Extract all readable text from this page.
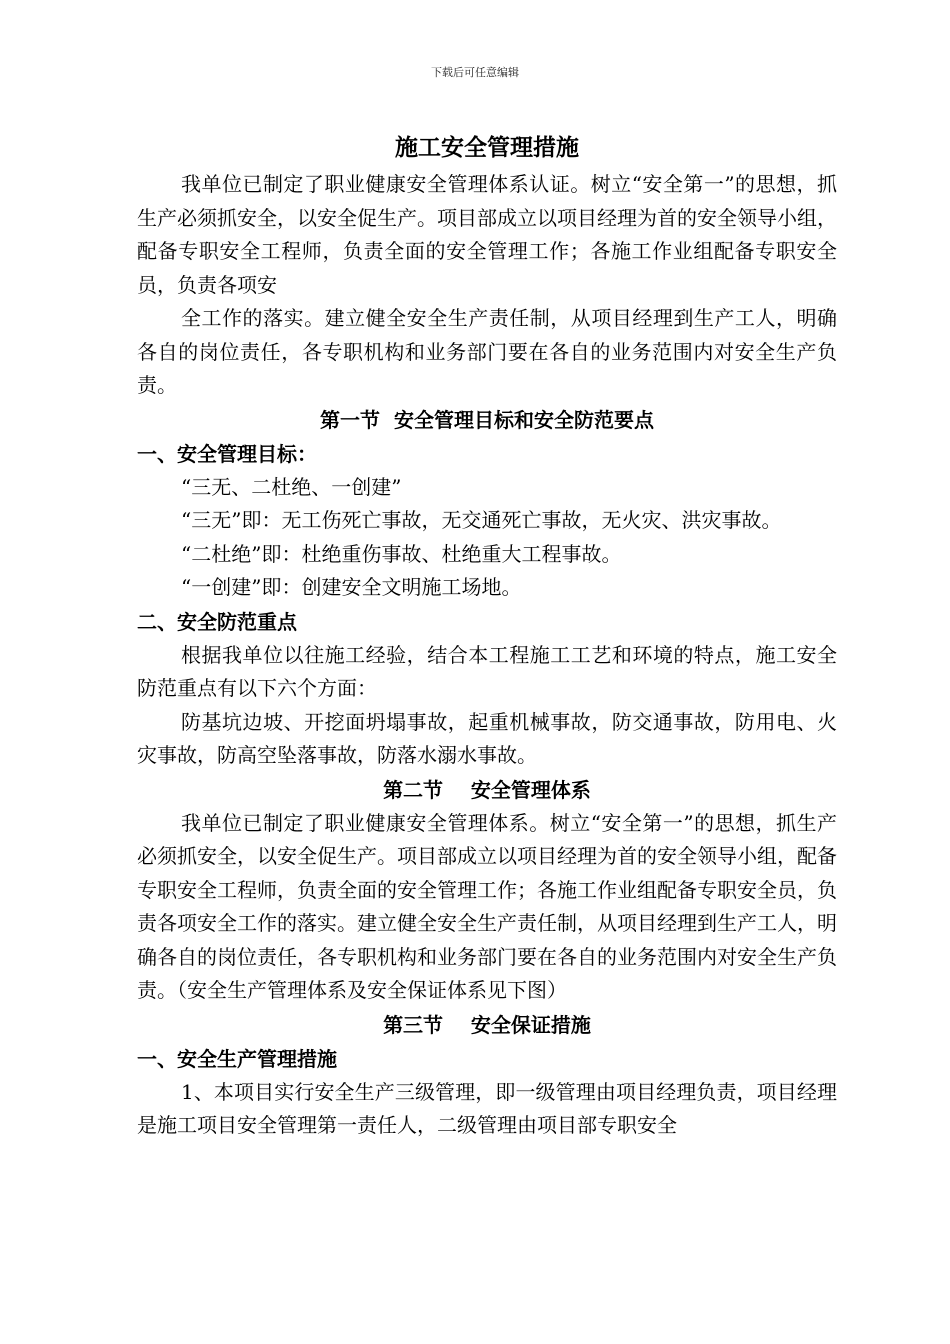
下载后可任意编辑
施工安全管理措施

我单位已制定了职业健康安全管理体系认证。树立“安全第一”的思想，抓生产必须抓安全，以安全促生产。项目部成立以项目经理为首的安全领导小组，配备专职安全工程师，负责全面的安全管理工作；各施工作业组配备专职安全员，负责各项安

全工作的落实。建立健全安全生产责任制，从项目经理到生产工人，明确各自的岗位责任，各专职机构和业务部门要在各自的业务范围内对安全生产负责。

第一节  安全管理目标和安全防范要点
一、安全管理目标：

“三无、二杜绝、一创建”

“三无”即：无工伤死亡事故，无交通死亡事故，无火灾、洪灾事故。

“二杜绝”即：杜绝重伤事故、杜绝重大工程事故。

“一创建”即：创建安全文明施工场地。

二、安全防范重点

根据我单位以往施工经验，结合本工程施工工艺和环境的特点，施工安全防范重点有以下六个方面：

防基坑边坡、开挖面坍塌事故，起重机械事故，防交通事故，防用电、火灾事故，防高空坠落事故，防落水溺水事故。

第二节    安全管理体系

我单位已制定了职业健康安全管理体系。树立“安全第一”的思想，抓生产必须抓安全，以安全促生产。项目部成立以项目经理为首的安全领导小组，配备专职安全工程师，负责全面的安全管理工作；各施工作业组配备专职安全员，负责各项安全工作的落实。建立健全安全生产责任制，从项目经理到生产工人，明确各自的岗位责任，各专职机构和业务部门要在各自的业务范围内对安全生产负责。（安全生产管理体系及安全保证体系见下图）

第三节    安全保证措施
一、安全生产管理措施

1、本项目实行安全生产三级管理，即一级管理由项目经理负责，项目经理是施工项目安全管理第一责任人，二级管理由项目部专职安全
